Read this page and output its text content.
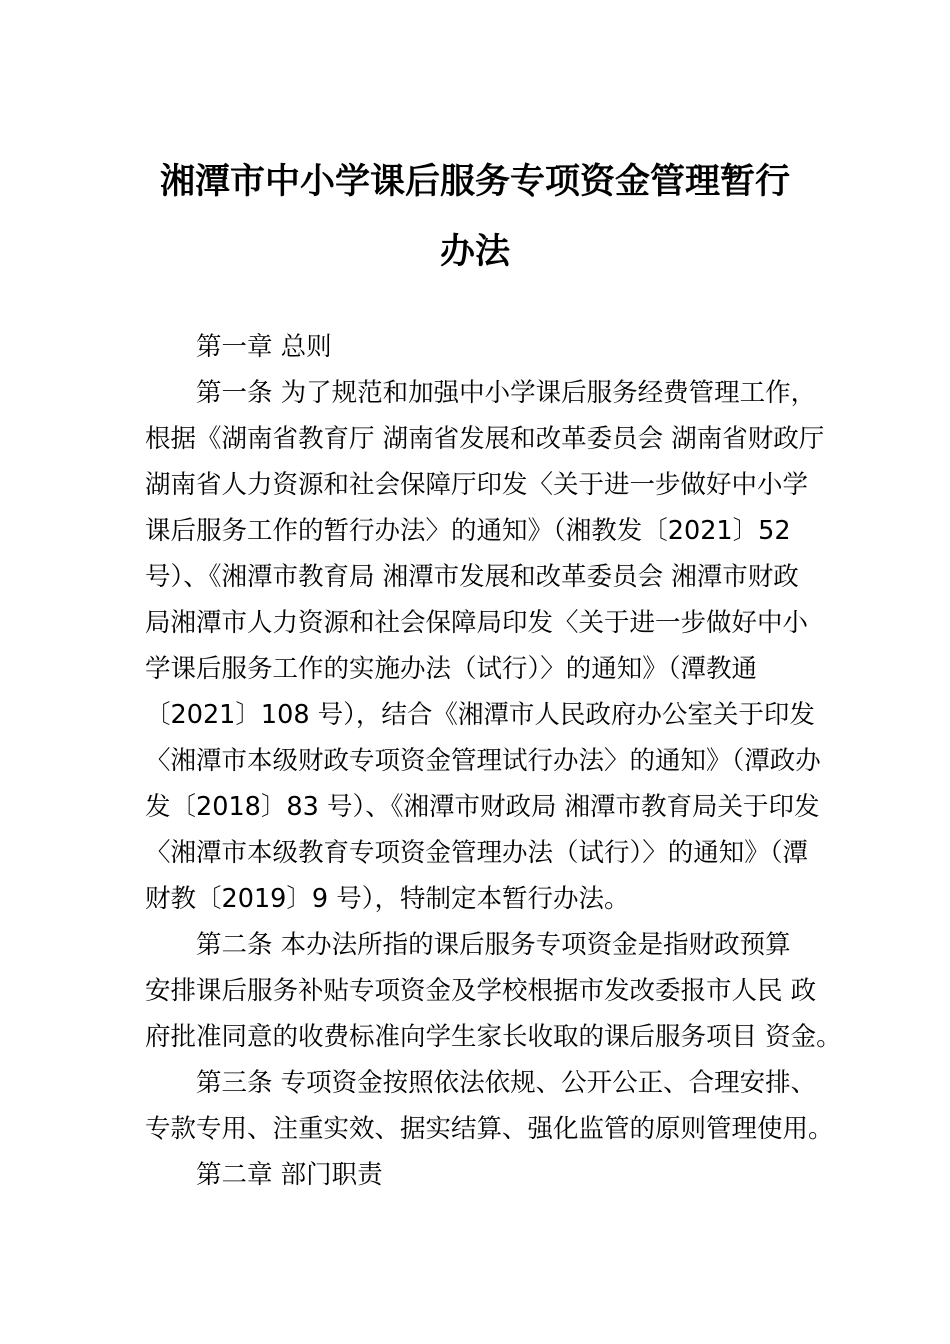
湘潭市中小学课后服务专项资金管理暂行
办法
第一章 总则
第一条 为了规范和加强中小学课后服务经费管理工作，
根据《湖南省教育厅 湖南省发展和改革委员会 湖南省财政厅
湖南省人力资源和社会保障厅印发〈关于进一步做好中小学
课后服务工作的暂行办法〉的通知》（湘教发〔2021〕52
号）、《湘潭市教育局 湘潭市发展和改革委员会 湘潭市财政
局湘潭市人力资源和社会保障局印发〈关于进一步做好中小
学课后服务工作的实施办法（试行）〉的通知》（潭教通
〔2021〕108 号），结合《湘潭市人民政府办公室关于印发
〈湘潭市本级财政专项资金管理试行办法〉的通知》（潭政办
发〔2018〕83 号）、《湘潭市财政局 湘潭市教育局关于印发
〈湘潭市本级教育专项资金管理办法（试行）〉的通知》（潭
财教〔2019〕9 号），特制定本暂行办法。
第二条 本办法所指的课后服务专项资金是指财政预算
安排课后服务补贴专项资金及学校根据市发改委报市人民 政
府批准同意的收费标准向学生家长收取的课后服务项目 资金。
第三条 专项资金按照依法依规、公开公正、合理安排、
专款专用、注重实效、据实结算、强化监管的原则管理使用。
第二章 部门职责
